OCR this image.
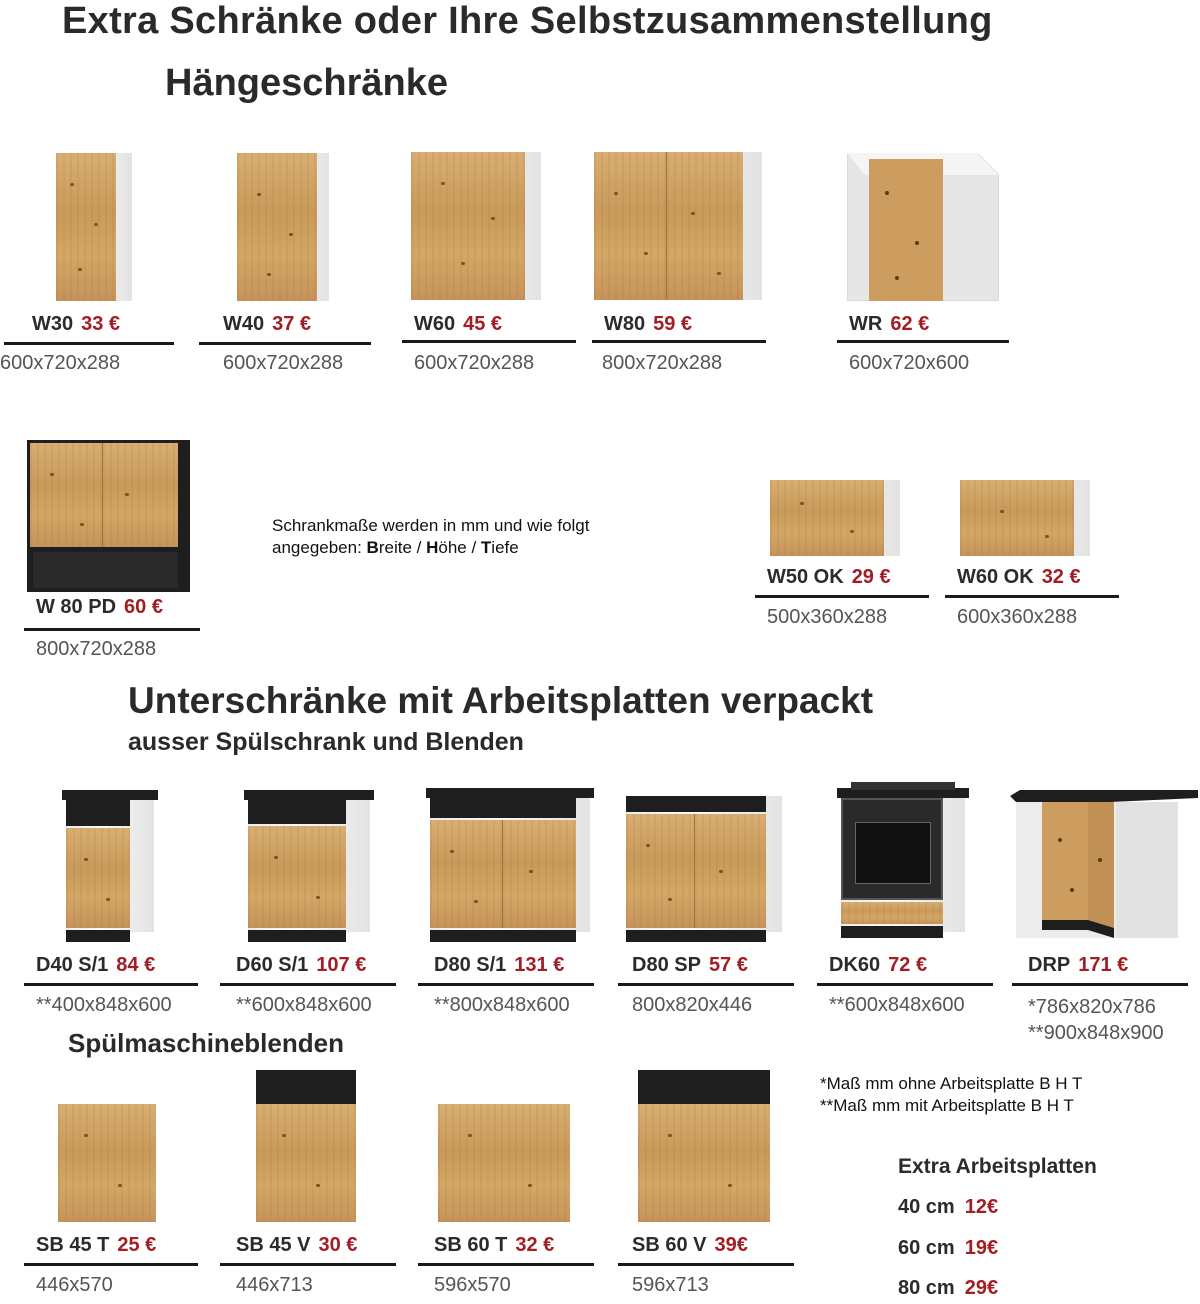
Extra Schränke oder Ihre Selbstzusammenstellung
Hängeschränke
W30 33 €
600x720x288
W40 37 €
600x720x288
W60 45 €
600x720x288
W80 59 €
800x720x288
WR 62 €
600x720x600
W 80 PD 60 €
800x720x288
Schrankmaße werden in mm und wie folgt
angegeben: Breite / Höhe / Tiefe
W50 OK 29 €
500x360x288
W60 OK 32 €
600x360x288
Unterschränke mit Arbeitsplatten verpackt
ausser Spülschrank und Blenden
D40 S/1 84 €
**400x848x600
D60 S/1 107 €
**600x848x600
D80 S/1 131 €
**800x848x600
D80 SP 57 €
800x820x446
DK60 72 €
**600x848x600
DRP 171 €
*786x820x786
**900x848x900
Spülmaschineblenden
SB 45 T 25 €
446x570
SB 45 V 30 €
446x713
SB 60 T 32 €
596x570
SB 60 V 39€
596x713
*Maß mm ohne Arbeitsplatte B H T
**Maß mm mit Arbeitsplatte B H T
Extra Arbeitsplatten
40 cm 12€
60 cm 19€
80 cm 29€
